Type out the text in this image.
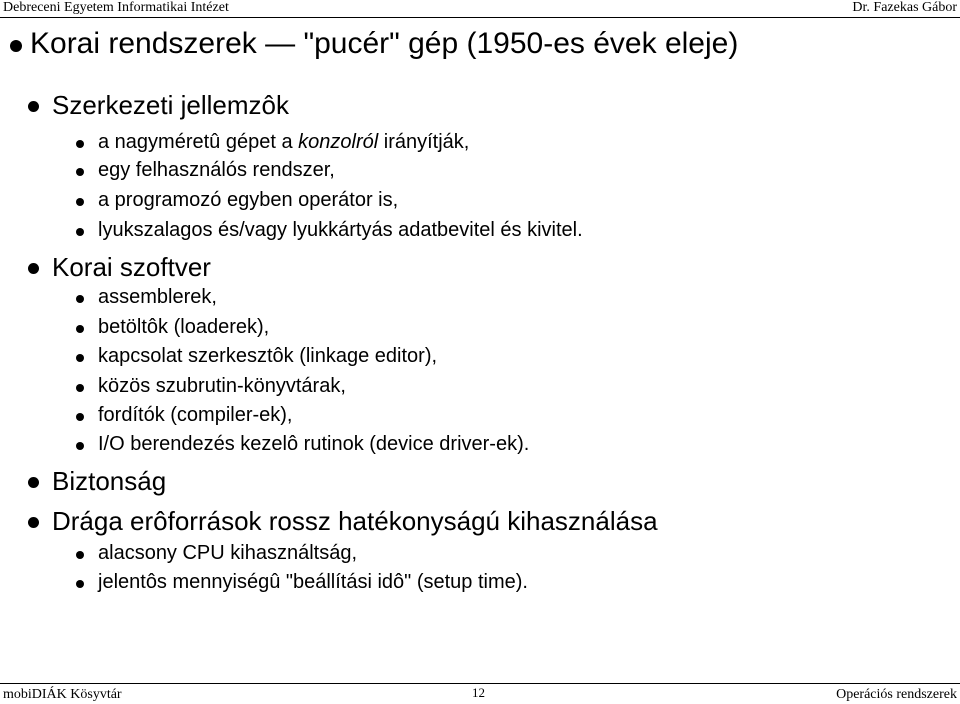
Debreceni Egyetem Informatikai Intézet	Dr. Fazekas Gábor
Korai rendszerek — "pucér" gép (1950-es évek eleje)
Szerkezeti jellemzôk
a nagyméretû gépet a konzolról irányítják,
egy felhasználós rendszer,
a programozó egyben operátor is,
lyukszalagos és/vagy lyukkártyás adatbevitel és kivitel.
Korai szoftver
assemblerek,
betöltôk (loaderek),
kapcsolat szerkesztôk (linkage editor),
közös szubrutin-könyvtárak,
fordítók (compiler-ek),
I/O berendezés kezelô rutinok (device driver-ek).
Biztonság
Drága erôforrások rossz hatékonyságú kihasználása
alacsony CPU kihasználtság,
jelentôs mennyiségû "beállítási idô" (setup time).
mobiDIÁK Kösyvtár	12	Operációs rendszerek
